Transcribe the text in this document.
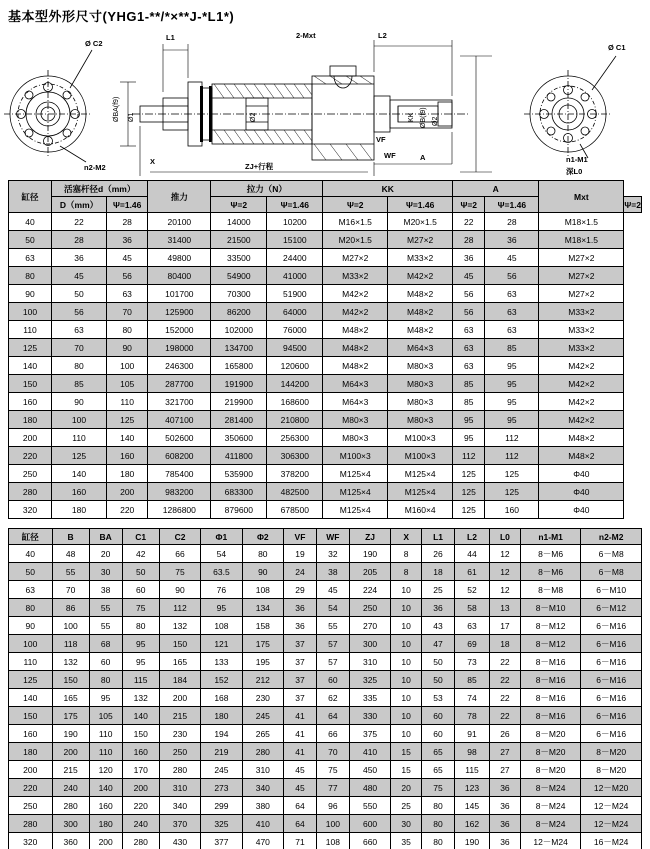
基本型外形尺寸(YHG1-**/*×**J-*L1*)
Ø C2
n2-M2
L1	2-Mxt	L2
ØBA(f9) Ø1	Ø2	KK ØB(f9) Ø2
VF
WF	A
X
ZJ+行程
Ø C1
n1-M1
深L0
缸径	活塞杆径d（mm）		推力	拉力（N）		KK		A		Mxt	
	D（mm）	Ψ=1.46		Ψ=2	Ψ=1.46	Ψ=2	Ψ=1.46	Ψ=2	Ψ=1.46		Ψ=2
40	22	28	20100	14000	10200	M16×1.5	M20×1.5	22	28	M18×1.5	
50	28	36	31400	21500	15100	M20×1.5	M27×2	28	36	M18×1.5	
63	36	45	49800	33500	24400	M27×2	M33×2	36	45	M27×2	
80	45	56	80400	54900	41000	M33×2	M42×2	45	56	M27×2	
90	50	63	101700	70300	51900	M42×2	M48×2	56	63	M27×2	
100	56	70	125900	86200	64000	M42×2	M48×2	56	63	M33×2	
110	63	80	152000	102000	76000	M48×2	M48×2	63	63	M33×2	
125	70	90	198000	134700	94500	M48×2	M64×3	63	85	M33×2	
140	80	100	246300	165800	120600	M48×2	M80×3	63	95	M42×2	
150	85	105	287700	191900	144200	M64×3	M80×3	85	95	M42×2	
160	90	110	321700	219900	168600	M64×3	M80×3	85	95	M42×2	
180	100	125	407100	281400	210800	M80×3	M80×3	95	95	M42×2	
200	110	140	502600	350600	256300	M80×3	M100×3	95	112	M48×2	
220	125	160	608200	411800	306300	M100×3	M100×3	112	112	M48×2	
250	140	180	785400	535900	378200	M125×4	M125×4	125	125	Φ40	
280	160	200	983200	683300	482500	M125×4	M125×4	125	125	Φ40	
320	180	220	1286800	879600	678500	M125×4	M160×4	125	160	Φ40	
缸径	B	BA	C1	C2	Φ1	Φ2	VF	WF	ZJ	X	L1	L2	L0	n1-M1	n2-M2
40	48	20	42	66	54	80	19	32	190	8	26	44	12	8－M6	6－M8
50	55	30	50	75	63.5	90	24	38	205	8	18	61	12	8－M6	6－M8
63	70	38	60	90	76	108	29	45	224	10	25	52	12	8－M8	6－M10
80	86	55	75	112	95	134	36	54	250	10	36	58	13	8－M10	6－M12
90	100	55	80	132	108	158	36	55	270	10	43	63	17	8－M12	6－M16
100	118	68	95	150	121	175	37	57	300	10	47	69	18	8－M12	6－M16
110	132	60	95	165	133	195	37	57	310	10	50	73	22	8－M16	6－M16
125	150	80	115	184	152	212	37	60	325	10	50	85	22	8－M16	6－M16
140	165	95	132	200	168	230	37	62	335	10	53	74	22	8－M16	6－M16
150	175	105	140	215	180	245	41	64	330	10	60	78	22	8－M16	6－M16
160	190	110	150	230	194	265	41	66	375	10	60	91	26	8－M20	6－M16
180	200	110	160	250	219	280	41	70	410	15	65	98	27	8－M20	8－M20
200	215	120	170	280	245	310	45	75	450	15	65	115	27	8－M20	8－M20
220	240	140	200	310	273	340	45	77	480	20	75	123	36	8－M24	12－M20
250	280	160	220	340	299	380	64	96	550	25	80	145	36	8－M24	12－M24
280	300	180	240	370	325	410	64	100	600	30	80	162	36	8－M24	12－M24
320	360	200	280	430	377	470	71	108	660	35	80	190	36	12－M24	16－M24
